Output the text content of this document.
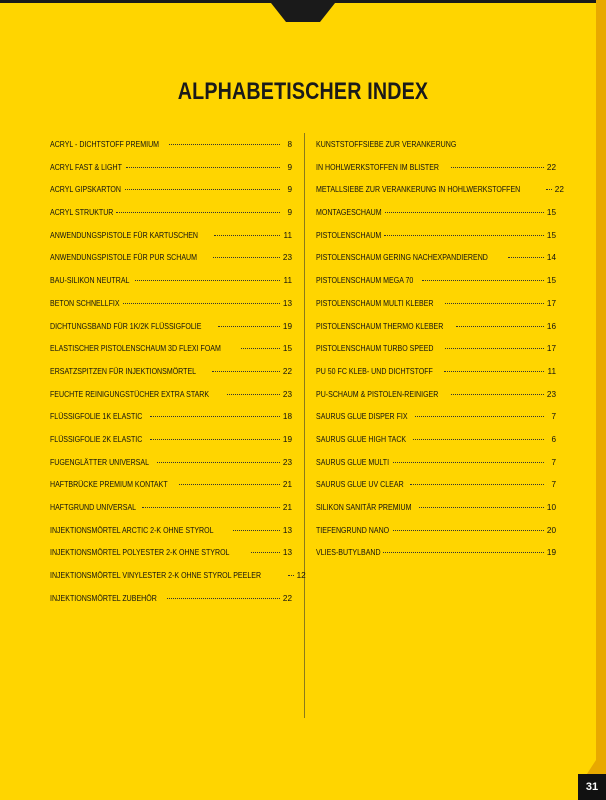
ALPHABETISCHER INDEX
ACRYL - DICHTSTOFF PREMIUM	8
ACRYL FAST & LIGHT	9
ACRYL GIPSKARTON	9
ACRYL STRUKTUR	9
ANWENDUNGSPISTOLE FÜR KARTUSCHEN	11
ANWENDUNGSPISTOLE FÜR PUR SCHAUM	23
BAU-SILIKON NEUTRAL	11
BETON SCHNELLFIX	13
DICHTUNGSBAND FÜR 1K/2K FLÜSSIGFOLIE	19
ELASTISCHER PISTOLENSCHAUM 3D FLEXI FOAM	15
ERSATZSPITZEN FÜR INJEKTIONSMÖRTEL	22
FEUCHTE REINIGUNGSTÜCHER EXTRA STARK	23
FLÜSSIGFOLIE 1K ELASTIC	18
FLÜSSIGFOLIE 2K ELASTIC	19
FUGENGLÄTTER UNIVERSAL	23
HAFTBRÜCKE PREMIUM KONTAKT	21
HAFTGRUND UNIVERSAL	21
INJEKTIONSMÖRTEL ARCTIC 2-K OHNE STYROL	13
INJEKTIONSMÖRTEL POLYESTER 2-K OHNE STYROL	13
INJEKTIONSMÖRTEL VINYLESTER 2-K OHNE STYROL PEELER	12
INJEKTIONSMÖRTEL ZUBEHÖR	22
KUNSTSTOFFSIEBE ZUR VERANKERUNG
IN HOHLWERKSTOFFEN IM BLISTER	22
METALLSIEBE ZUR VERANKERUNG IN HOHLWERKSTOFFEN	22
MONTAGESCHAUM	15
PISTOLENSCHAUM	15
PISTOLENSCHAUM GERING NACHEXPANDIEREND	14
PISTOLENSCHAUM MEGA 70	15
PISTOLENSCHAUM MULTI KLEBER	17
PISTOLENSCHAUM THERMO KLEBER	16
PISTOLENSCHAUM TURBO SPEED	17
PU 50 FC KLEB- UND DICHTSTOFF	11
PU-SCHAUM & PISTOLEN-REINIGER	23
SAURUS GLUE DISPER FIX	7
SAURUS GLUE HIGH TACK	6
SAURUS GLUE MULTI	7
SAURUS GLUE UV CLEAR	7
SILIKON SANITÄR PREMIUM	10
TIEFENGRUND NANO	20
VLIES-BUTYLBAND	19
31
